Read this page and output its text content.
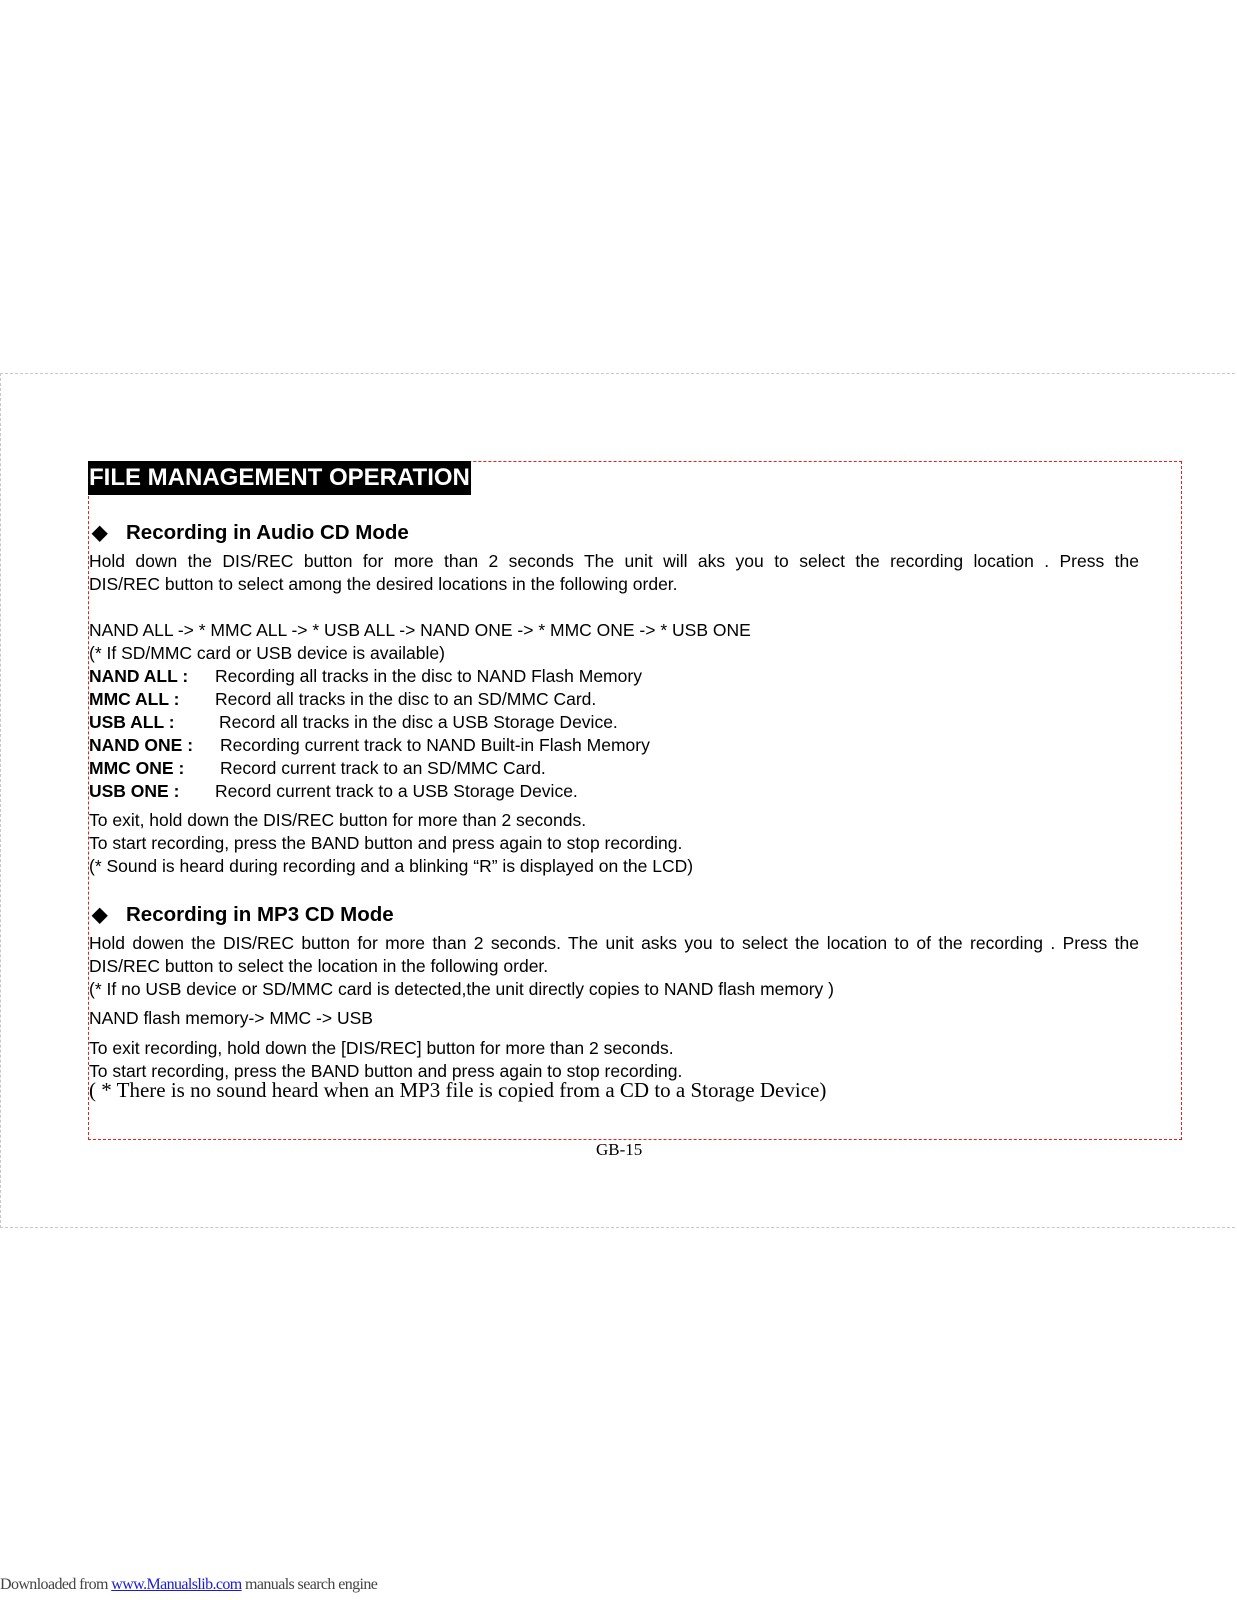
FILE MANAGEMENT OPERATION
◆ Recording in Audio CD Mode
Hold down the DIS/REC button for more than 2 seconds The unit will aks you to select the recording location . Press the
DIS/REC button to select among the desired locations in the following order.
NAND ALL -> * MMC ALL -> * USB ALL -> NAND ONE -> * MMC ONE -> * USB ONE
(* If SD/MMC card or USB device is available)
NAND ALL : Recording all tracks in the disc to NAND Flash Memory
MMC ALL : Record all tracks in the disc to an SD/MMC Card.
USB ALL :	Record all tracks in the disc a USB Storage Device.
NAND ONE : Recording current track to NAND Built-in Flash Memory
MMC ONE : Record current track to an SD/MMC Card.
USB ONE : Record current track to a USB Storage Device.
To exit, hold down the DIS/REC button for more than 2 seconds.
To start recording, press the BAND button and press again to stop recording.
(* Sound is heard during recording and a blinking “R” is displayed on the LCD)
◆ Recording in MP3 CD Mode
Hold dowen the DIS/REC button for more than 2 seconds. The unit asks you to select the location to of the recording . Press the
DIS/REC button to select the location in the following order.
(* If no USB device or SD/MMC card is detected,the unit directly copies to NAND flash memory )
NAND flash memory-> MMC -> USB
To exit recording, hold down the [DIS/REC] button for more than 2 seconds.
To start recording, press the BAND button and press again to stop recording.
( * There is no sound heard when an MP3 file is copied from a CD to a Storage Device)
GB-15
Downloaded from www.Manualslib.com manuals search engine
